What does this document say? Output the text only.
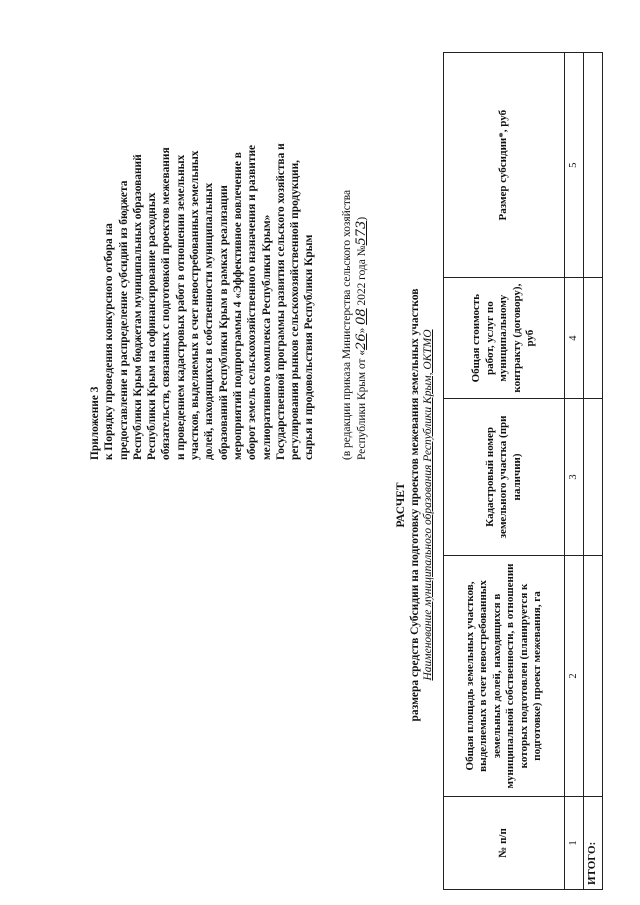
Приложение 3 к Порядку проведения конкурсного отбора на предоставление и распределение субсидий из бюджета Республики Крым бюджетам муниципальных образований Республики Крым на софинансирование расходных обязательств, связанных с подготовкой проектов межевания и проведением кадастровых работ в отношении земельных участков, выделяемых в счет невостребованных земельных долей, находящихся в собственности муниципальных образований Республики Крым в рамках реализации мероприятий подпрограммы 4 «Эффективное вовлечение в оборот земель сельскохозяйственного назначения и развитие мелиоративного комплекса Республики Крым» Государственной программы развития сельского хозяйства и регулирования рынков сельскохозяйственной продукции, сырья и продовольствия Республики Крым (в редакции приказа Министерства сельского хозяйства Республики Крым от «26» 08 2022 года №573)
РАСЧЕТ размера средств Субсидии на подготовку проектов межевания земельных участков Наименование муниципального образования Республики Крым, ОКТМО
№ п/п	Общая площадь земельных участков, выделяемых в счет невостребованных земельных долей, находящихся в муниципальной собственности, в отношении которых подготовлен (планируется к подготовке) проект межевания, га	Кадастровый номер земельного участка (при наличии)	Общая стоимость работ, услуг по муниципальному контракту (договору), руб	Размер субсидии*, руб
1	2	3	4	5
ИТОГО:				
